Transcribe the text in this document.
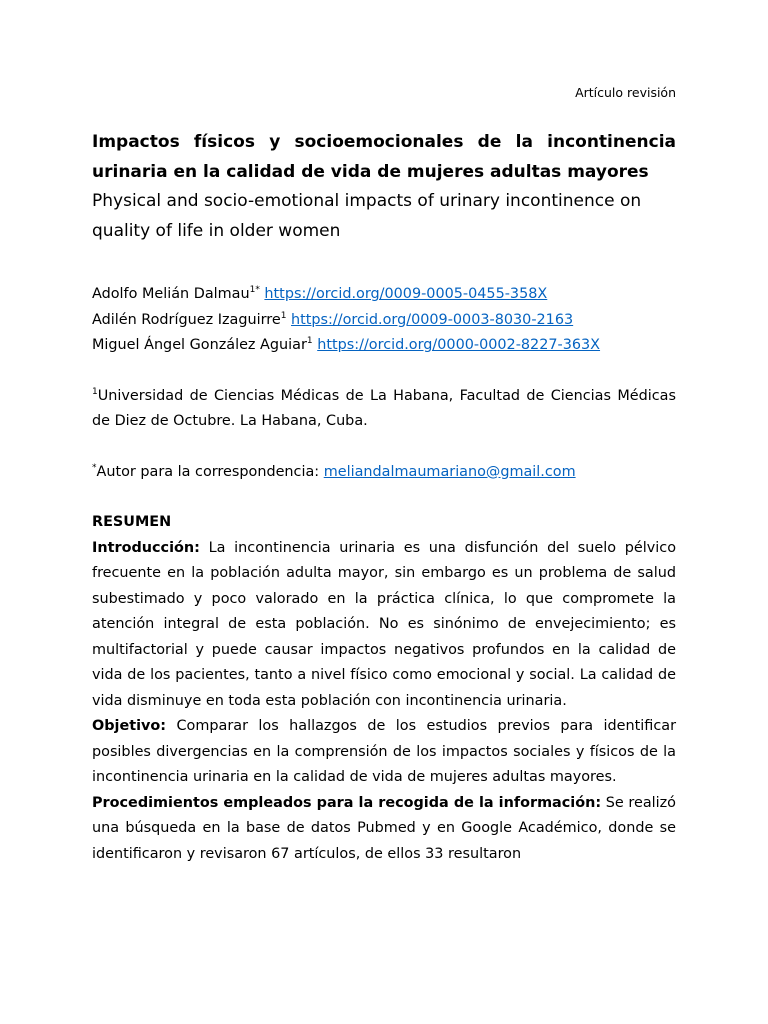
Artículo revisión

Impactos físicos y socioemocionales de la incontinencia urinaria en la calidad de vida de mujeres adultas mayores

Physical and socio-emotional impacts of urinary incontinence on quality of life in older women

Adolfo Melián Dalmau$^{1*}$ https://orcid.org/0009-0005-0455-358X
Adilén Rodríguez Izaguirre$^1$ https://orcid.org/0009-0003-8030-2163
Miguel Ángel González Aguiar$^1$ https://orcid.org/0000-0002-8227-363X
$^1$Universidad de Ciencias Médicas de La Habana, Facultad de Ciencias Médicas de Diez de Octubre. La Habana, Cuba.
*Autor para la correspondencia: meliandalmaumariano@gmail.com

RESUMEN

Introducción: La incontinencia urinaria es una disfunción del suelo pélvico frecuente en la población adulta mayor, sin embargo es un problema de salud subestimado y poco valorado en la práctica clínica, lo que compromete la atención integral de esta población. No es sinónimo de envejecimiento; es multifactorial y puede causar impactos negativos profundos en la calidad de vida de los pacientes, tanto a nivel físico como emocional y social. La calidad de vida disminuye en toda esta población con incontinencia urinaria.

Objetivo: Comparar los hallazgos de los estudios previos para identificar posibles divergencias en la comprensión de los impactos sociales y físicos de la incontinencia urinaria en la calidad de vida de mujeres adultas mayores.

Procedimientos empleados para la recogida de la información: Se realizó una búsqueda en la base de datos Pubmed y en Google Académico, donde se identificaron y revisaron 67 artículos, de ellos 33 resultaron
